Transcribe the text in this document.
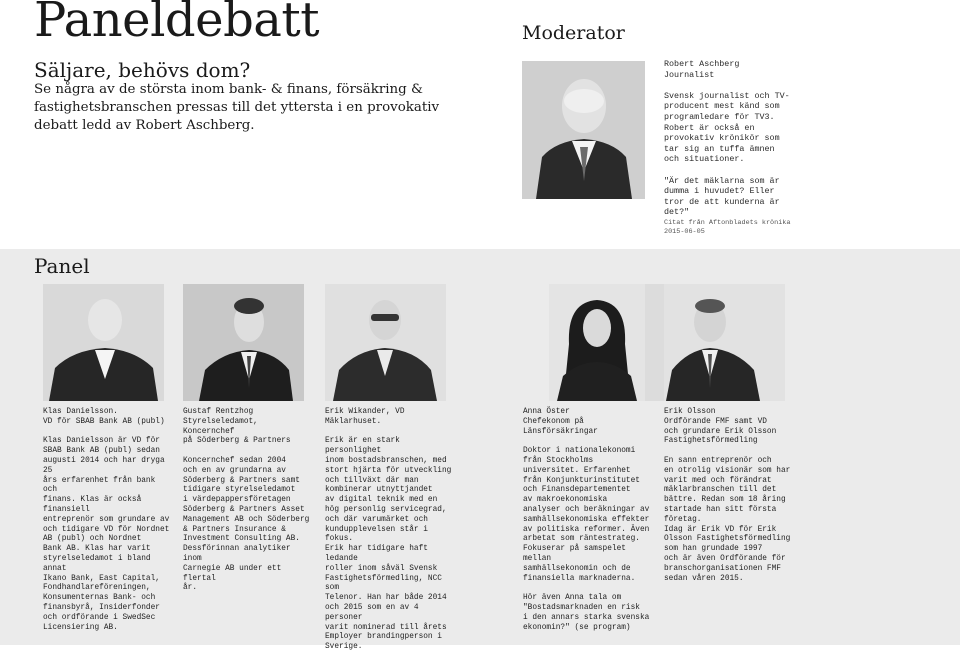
Paneldebatt
Säljare, behövs dom?
Se några av de största inom bank- & finans, försäkring & fastighetsbranschen pressas till det yttersta i en provokativ debatt ledd av Robert Aschberg.
Moderator

Robert Aschberg
Journalist

Svensk journalist och TV-producent mest känd som programledare för TV3. Robert är också en provokativ krönikör som tar sig an tuffa ämnen och situationer.

"Är det mäklarna som är dumma i huvudet? Eller tror de att kunderna är det?"

Citat från Aftonbladets krönika 2015-06-05

Panel
Klas Danielsson.

VD för SBAB Bank AB (publ)

Klas Danielsson är VD för
SBAB Bank AB (publ) sedan
augusti 2014 och har dryga 25
års erfarenhet från bank och
finans. Klas är också finansiell
entreprenör som grundare av
och tidigare VD för Nordnet
AB (publ) och Nordnet
Bank AB. Klas har varit
styrelseledamot i bland annat
Ikano Bank, East Capital,
Fondhandlareföreningen,
Konsumenternas Bank- och
finansbyrå, Insiderfonder
och ordförande i SwedSec
Licensiering AB.

Gustaf Rentzhog

Styrelseledamot, Koncernchef
på Söderberg & Partners

Koncernchef sedan 2004
och en av grundarna av
Söderberg & Partners samt
tidigare styrelseledamot
i värdepappersföretagen
Söderberg & Partners Asset
Management AB och Söderberg
& Partners Insurance &
Investment Consulting AB.
Dessförinnan analytiker inom
Carnegie AB under ett flertal
år.

Erik Wikander, VD

Mäklarhuset.

Erik är en stark personlighet
inom bostadsbranschen, med
stort hjärta för utveckling
och tillväxt där man
kombinerar utnyttjandet
av digital teknik med en
hög personlig servicegrad,
och där varumärket och
kundupplevelsen står i fokus.
Erik har tidigare haft ledande
roller inom såväl Svensk
Fastighetsförmedling, NCC som
Telenor. Han har både 2014
och 2015 som en av 4 personer
varit nominerad till årets
Employer brandingperson i
Sverige.

Anna Öster

Chefekonom på
Länsförsäkringar

Doktor i nationalekonomi
från Stockholms
universitet. Erfarenhet
från Konjunkturinstitutet
och Finansdepartementet
av makroekonomiska
analyser och beräkningar av
samhällsekonomiska effekter
av politiska reformer. Även
arbetat som räntestrateg.
Fokuserar på samspelet mellan
samhällsekonomin och de
finansiella marknaderna.

Hör även Anna tala om
"Bostadsmarknaden en risk
i den annars starka svenska
ekonomin?" (se program)

Erik Olsson

Ordförande FMF samt VD
och grundare Erik Olsson
Fastighetsförmedling

En sann entreprenör och
en otrolig visionär som har
varit med och förändrat
mäklarbranschen till det
bättre. Redan som 18 åring
startade han sitt första företag.
Idag är Erik VD för Erik
Olsson Fastighetsförmedling
som han grundade 1997
och är även Ordförande för
branschorganisationen FMF
sedan våren 2015.
